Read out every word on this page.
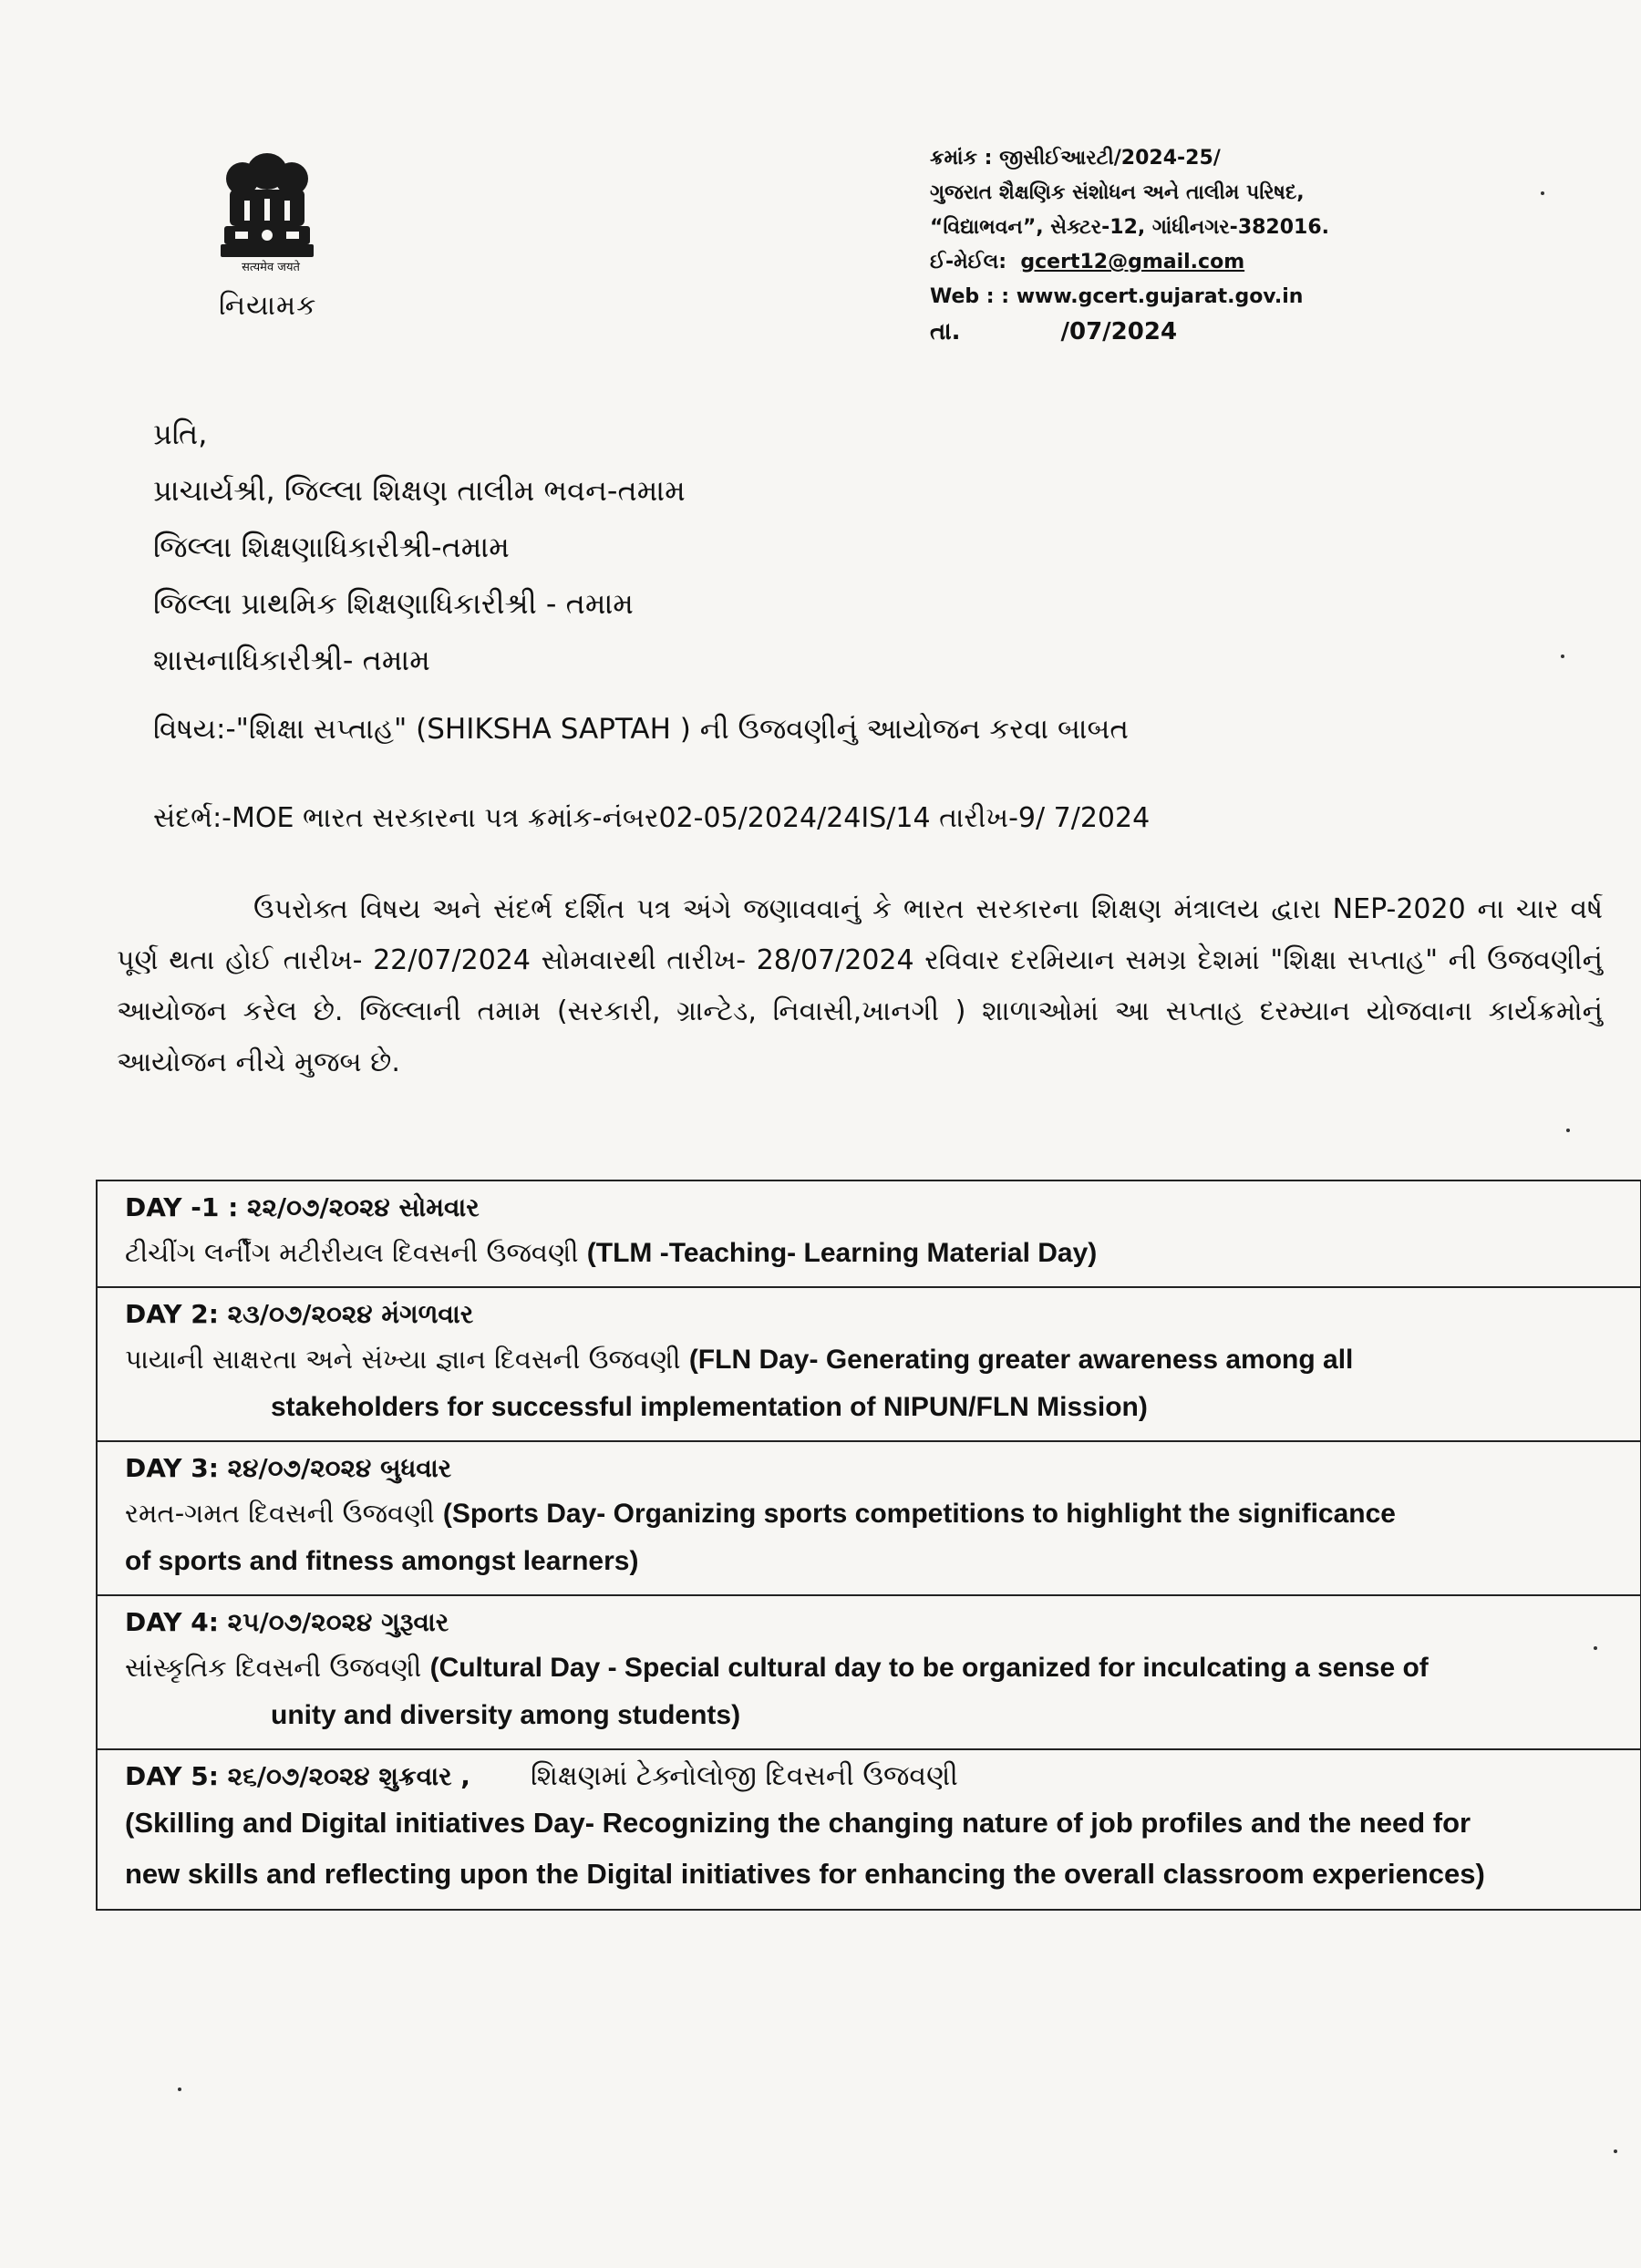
सत्यमेव जयते
નિયામક
ક્રમાંક : જીસીઈઆરટી/2024-25/
ગુજરાત શૈક્ષણિક સંશોધન અને તાલીમ પરિષદ,
“વિદ્યાભવન”, સેક્ટર-12, ગાંધીનગર-382016.
ઈ-મેઈલ: gcert12@gmail.com
Web : : www.gcert.gujarat.gov.in
તા.	/07/2024
પ્રતિ,
પ્રાચાર્યશ્રી, જિલ્લા શિક્ષણ તાલીમ ભવન-તમામ
જિલ્લા શિક્ષણાધિકારીશ્રી-તમામ
જિલ્લા પ્રાથમિક શિક્ષણાધિકારીશ્રી - તમામ
શાસનાધિકારીશ્રી- તમામ
વિષય:-"શિક્ષા સપ્તાહ" (SHIKSHA SAPTAH ) ની ઉજવણીનું આયોજન કરવા બાબત
સંદર્ભ:-MOE ભારત સરકારના પત્ર ક્રમાંક-નંબર02-05/2024/24IS/14 તારીખ-9/ 7/2024
ઉપરોક્ત વિષય અને સંદર્ભ દર્શિત પત્ર અંગે જણાવવાનું કે ભારત સરકારના શિક્ષણ મંત્રાલય દ્વારા NEP-2020 ના ચાર વર્ષ પૂર્ણ થતા હોઈ તારીખ- 22/07/2024 સોમવારથી તારીખ- 28/07/2024 રવિવાર દરમિયાન સમગ્ર દેશમાં "શિક્ષા સપ્તાહ" ની ઉજવણીનું આયોજન કરેલ છે. જિલ્લાની તમામ (સરકારી, ગ્રાન્ટેડ, નિવાસી,ખાનગી ) શાળાઓમાં આ સપ્તાહ દરમ્યાન યોજવાના કાર્યક્રમોનું આયોજન નીચે મુજબ છે.
DAY -1 : ૨૨/૦૭/૨૦૨૪ સોમવાર
ટીચીંગ લર્નીંગ મટીરીયલ દિવસની ઉજવણી (TLM -Teaching- Learning Material Day)

DAY 2: ૨૩/૦૭/૨૦૨૪ મંગળવાર
પાયાની સાક્ષરતા અને સંખ્યા જ્ઞાન દિવસની ઉજવણી (FLN Day- Generating greater awareness among all
stakeholders for successful implementation of NIPUN/FLN Mission)

DAY 3: ૨૪/૦૭/૨૦૨૪ બુધવાર
રમત-ગમત દિવસની ઉજવણી (Sports Day- Organizing sports competitions to highlight the significance
of sports and fitness amongst learners)

DAY 4: ૨૫/૦૭/૨૦૨૪ ગુરૂવાર
સાંસ્કૃતિક દિવસની ઉજવણી (Cultural Day - Special cultural day to be organized for inculcating a sense of
unity and diversity among students)

DAY 5: ૨૬/૦૭/૨૦૨૪ શુક્રવાર , શિક્ષણમાં ટેક્નોલોજી દિવસની ઉજવણી
(Skilling and Digital initiatives Day- Recognizing the changing nature of job profiles and the need for
new skills and reflecting upon the Digital initiatives for enhancing the overall classroom experiences)
